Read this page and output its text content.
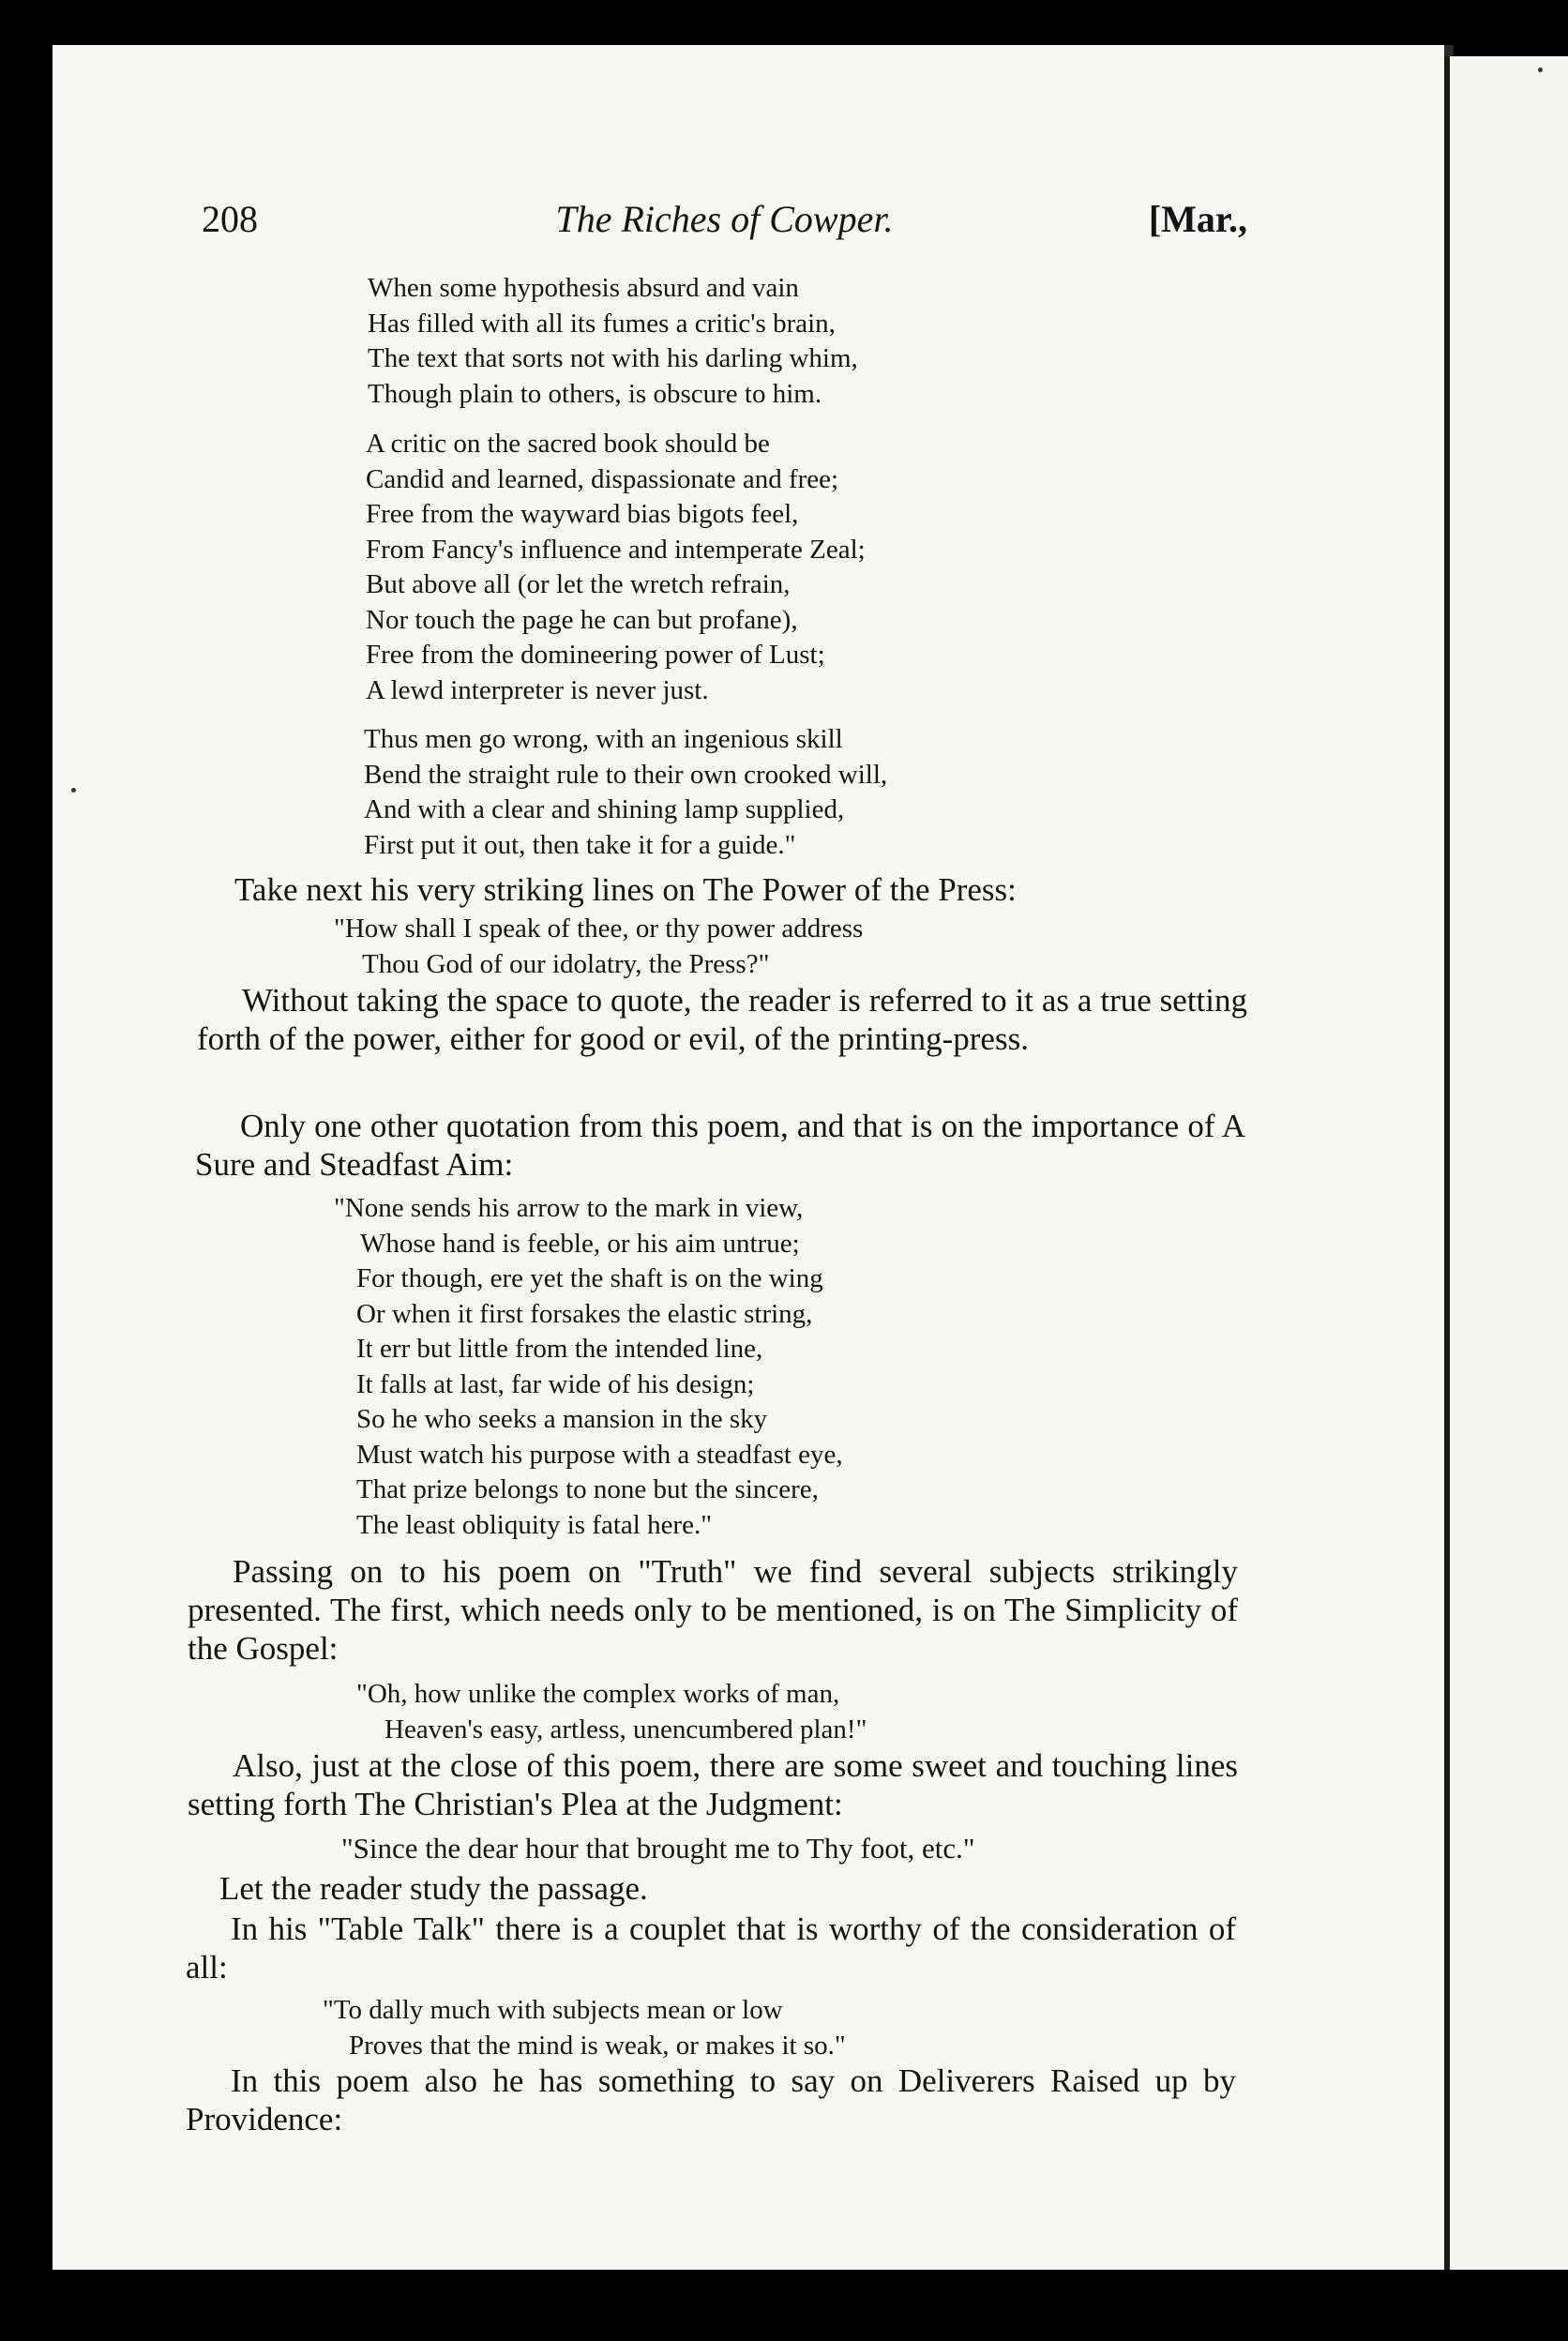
208	The Riches of Cowper.	[Mar.,
When some hypothesis absurd and vain
Has filled with all its fumes a critic's brain,
The text that sorts not with his darling whim,
Though plain to others, is obscure to him.
A critic on the sacred book should be
Candid and learned, dispassionate and free;
Free from the wayward bias bigots feel,
From Fancy's influence and intemperate Zeal;
But above all (or let the wretch refrain,
Nor touch the page he can but profane),
Free from the domineering power of Lust;
A lewd interpreter is never just.
Thus men go wrong, with an ingenious skill
Bend the straight rule to their own crooked will,
And with a clear and shining lamp supplied,
First put it out, then take it for a guide."
Take next his very striking lines on The Power of the Press:
"How shall I speak of thee, or thy power address
Thou God of our idolatry, the Press?"
Without taking the space to quote, the reader is referred to it as a true setting forth of the power, either for good or evil, of the printing-press.
Only one other quotation from this poem, and that is on the importance of A Sure and Steadfast Aim:
"None sends his arrow to the mark in view,
Whose hand is feeble, or his aim untrue;
For though, ere yet the shaft is on the wing
Or when it first forsakes the elastic string,
It err but little from the intended line,
It falls at last, far wide of his design;
So he who seeks a mansion in the sky
Must watch his purpose with a steadfast eye,
That prize belongs to none but the sincere,
The least obliquity is fatal here."
Passing on to his poem on "Truth" we find several subjects strikingly presented. The first, which needs only to be mentioned, is on The Simplicity of the Gospel:
"Oh, how unlike the complex works of man,
Heaven's easy, artless, unencumbered plan!"
Also, just at the close of this poem, there are some sweet and touching lines setting forth The Christian's Plea at the Judgment:
"Since the dear hour that brought me to Thy foot, etc."
Let the reader study the passage.
In his "Table Talk" there is a couplet that is worthy of the consideration of all:
"To dally much with subjects mean or low
Proves that the mind is weak, or makes it so."
In this poem also he has something to say on Deliverers Raised up by Providence:
